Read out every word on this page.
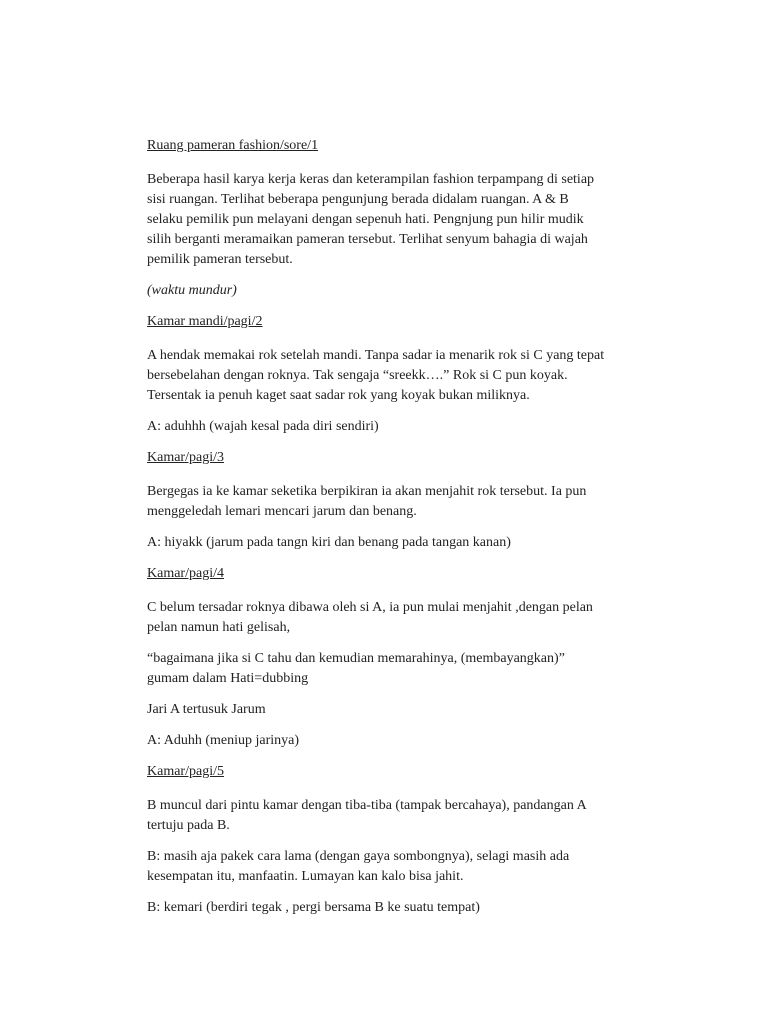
Ruang pameran fashion/sore/1

Beberapa hasil karya kerja keras dan keterampilan fashion terpampang di setiap
sisi ruangan. Terlihat beberapa pengunjung berada didalam ruangan. A & B
selaku pemilik pun melayani dengan sepenuh hati. Pengnjung pun hilir mudik
silih berganti meramaikan pameran tersebut. Terlihat senyum bahagia di wajah
pemilik pameran tersebut.

(waktu mundur)

Kamar mandi/pagi/2

A hendak memakai rok setelah mandi. Tanpa sadar ia menarik rok si C yang tepat
bersebelahan dengan roknya. Tak sengaja “sreekk….” Rok si C pun koyak.
Tersentak ia penuh kaget saat sadar rok yang koyak bukan miliknya.

A: aduhhh (wajah kesal pada diri sendiri)

Kamar/pagi/3

Bergegas ia ke kamar seketika berpikiran ia akan menjahit rok tersebut. Ia pun
menggeledah lemari mencari jarum dan benang.

A: hiyakk (jarum pada tangn kiri dan benang pada tangan kanan)

Kamar/pagi/4

C belum tersadar roknya dibawa oleh si A, ia pun mulai menjahit ,dengan pelan
pelan namun hati gelisah,

“bagaimana jika si C tahu dan kemudian memarahinya, (membayangkan)”
gumam dalam Hati=dubbing

Jari A tertusuk Jarum

A: Aduhh (meniup jarinya)

Kamar/pagi/5

B muncul dari pintu kamar dengan tiba-tiba (tampak bercahaya), pandangan A
tertuju pada B.

B: masih aja pakek cara lama (dengan gaya sombongnya), selagi masih ada
kesempatan itu, manfaatin. Lumayan kan kalo bisa jahit.

B: kemari (berdiri tegak , pergi bersama B ke suatu tempat)
